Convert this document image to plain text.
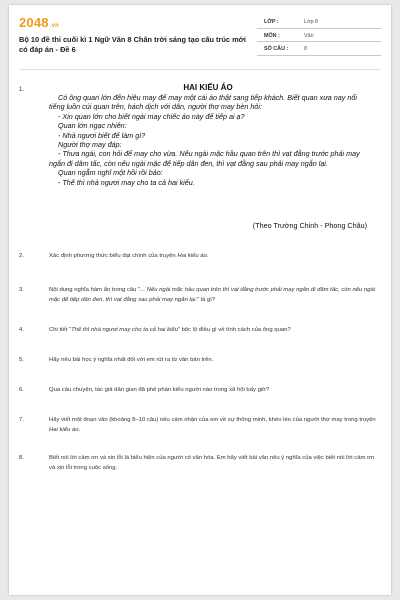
2048.vn
Bộ 10 đề thi cuối kì 1 Ngữ Văn 8 Chân trời sáng tạo cấu trúc mới có đáp án - Đề 6
LỚP :	Lớp 8
MÔN :	Văn
SỐ CÂU :	8
1.	HAI KIỂU ÁO

Có ông quan lớn đến hiệu may để may một cái áo thật sang tiếp khách. Biết quan xưa nay nổi tiếng luồn cúi quan trên, hách dịch với dân, người thợ may bèn hỏi:

- Xin quan lớn cho biết ngài may chiếc áo này để tiếp ai ạ?

Quan lớn ngạc nhiên:

- Nhà ngươi biết để làm gì?

Người thợ may đáp:

- Thưa ngài, con hỏi để may cho vừa. Nếu ngài mặc hầu quan trên thì vạt đằng trước phải may ngắn đi dăm tấc, còn nếu ngài mặc để tiếp dân đen, thì vạt đằng sau phải may ngắn lại.

Quan ngẫm nghĩ một hồi rồi bảo:

- Thế thì nhà ngươi may cho ta cả hai kiểu.

(Theo Trường Chinh - Phong Châu)
2.	Xác định phương thức biểu đạt chính của truyện Hai kiểu áo.
3.	Nội dung nghĩa hàm ẩn trong câu "... Nếu ngài mặc hầu quan trên thì vạt đằng trước phải may ngắn đi dăm tấc, còn nếu ngài mặc để tiếp dân đen, thì vạt đằng sau phải may ngắn lại." là gì?
4.	Chi tiết "Thế thì nhà ngươi may cho ta cả hai kiểu" bộc lộ điều gì về tính cách của ông quan?
5.	Hãy nêu bài học ý nghĩa nhất đối với em rút ra từ văn bản trên.
6.	Qua câu chuyện, tác giả dân gian đã phê phán kiểu người nào trong xã hội bấy giờ?
7.	Hãy viết một đoạn văn (khoảng 8–10 câu) nêu cảm nhận của em về sự thông minh, khéo léo của người thợ may trong truyện Hai kiểu áo.
8.	Biết nói lời cảm ơn và xin lỗi là biểu hiện của người có văn hóa. Em hãy viết bài văn nêu ý nghĩa của việc biết nói lời cảm ơn và xin lỗi trong cuộc sống.
